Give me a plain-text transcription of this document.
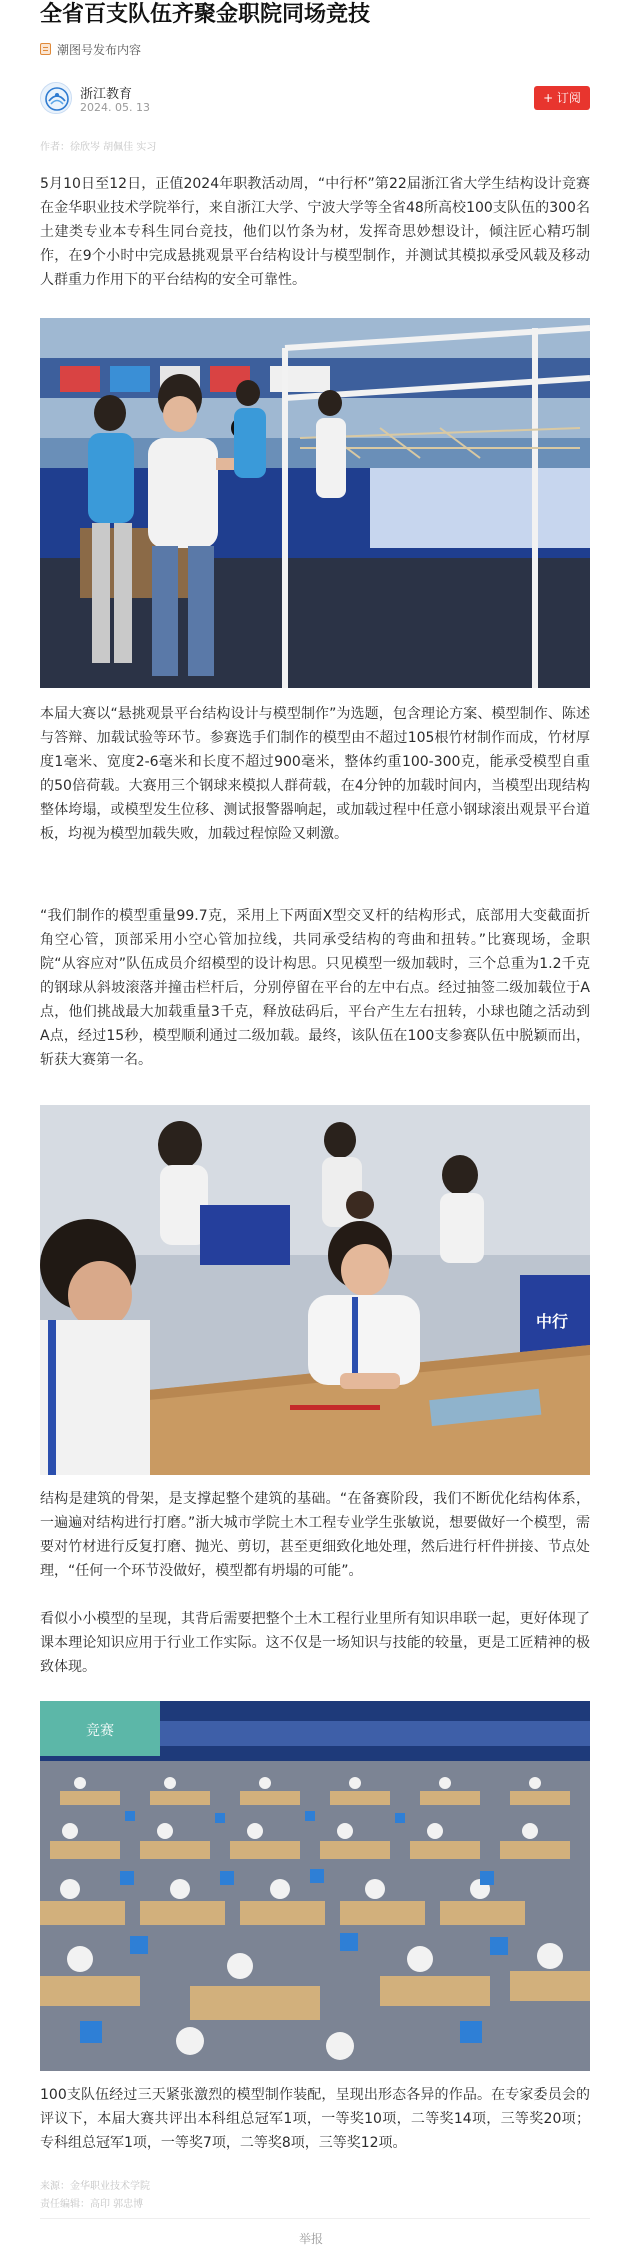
全省百支队伍齐聚金职院同场竞技
潮图号发布内容
浙江教育
2024. 05. 13
+ 订阅
作者：徐欣岑 胡佩佳 实习

5月10日至12日，正值2024年职教活动周，“中行杯”第22届浙江省大学生结构设计竞赛在金华职业技术学院举行，来自浙江大学、宁波大学等全省48所高校100支队伍的300名土建类专业本专科生同台竞技，他们以竹条为材，发挥奇思妙想设计，倾注匠心精巧制作，在9个小时中完成悬挑观景平台结构设计与模型制作，并测试其模拟承受风载及移动人群重力作用下的平台结构的安全可靠性。

本届大赛以“悬挑观景平台结构设计与模型制作”为选题，包含理论方案、模型制作、陈述与答辩、加载试验等环节。参赛选手们制作的模型由不超过105根竹材制作而成，竹材厚度1毫米、宽度2-6毫米和长度不超过900毫米，整体约重100-300克，能承受模型自重的50倍荷载。大赛用三个钢球来模拟人群荷载，在4分钟的加载时间内，当模型出现结构整体垮塌，或模型发生位移、测试报警器响起，或加载过程中任意小钢球滚出观景平台道板，均视为模型加载失败，加载过程惊险又刺激。

“我们制作的模型重量99.7克，采用上下两面X型交叉杆的结构形式，底部用大变截面折角空心管，顶部采用小空心管加拉线，共同承受结构的弯曲和扭转。”比赛现场，金职院“从容应对”队伍成员介绍模型的设计构思。只见模型一级加载时，三个总重为1.2千克的钢球从斜坡滚落并撞击栏杆后，分别停留在平台的左中右点。经过抽签二级加载位于A点，他们挑战最大加载重量3千克，释放砝码后，平台产生左右扭转，小球也随之活动到A点，经过15秒，模型顺利通过二级加载。最终，该队伍在100支参赛队伍中脱颖而出，斩获大赛第一名。

中行

结构是建筑的骨架，是支撑起整个建筑的基础。“在备赛阶段，我们不断优化结构体系，一遍遍对结构进行打磨。”浙大城市学院土木工程专业学生张敏说，想要做好一个模型，需要对竹材进行反复打磨、抛光、剪切，甚至更细致化地处理，然后进行杆件拼接、节点处理，“任何一个环节没做好，模型都有坍塌的可能”。

看似小小模型的呈现，其背后需要把整个土木工程行业里所有知识串联一起，更好体现了课本理论知识应用于行业工作实际。这不仅是一场知识与技能的较量，更是工匠精神的极致体现。

竞赛

100支队伍经过三天紧张激烈的模型制作装配，呈现出形态各异的作品。在专家委员会的评议下，本届大赛共评出本科组总冠军1项，一等奖10项，二等奖14项，三等奖20项；专科组总冠军1项，一等奖7项，二等奖8项，三等奖12项。

来源：金华职业技术学院
责任编辑：高印 郭忠博
举报
